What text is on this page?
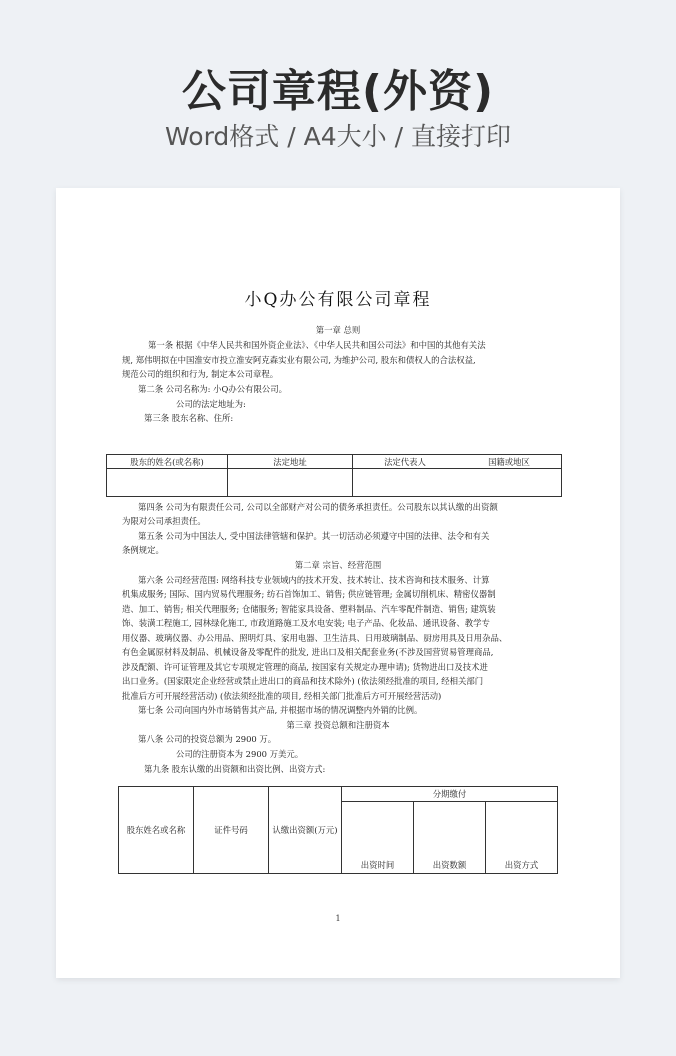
公司章程(外资)
Word格式 / A4大小 / 直接打印
小Q办公有限公司章程
第一章 总则
第一条 根据《中华人民共和国外资企业法》、《中华人民共和国公司法》和中国的其他有关法
规, 郑伟明拟在中国淮安市投立淮安阿克森实业有限公司, 为维护公司, 股东和债权人的合法权益,
规范公司的组织和行为, 制定本公司章程。
第二条 公司名称为: 小Q办公有限公司。
公司的法定地址为:
第三条 股东名称、住所:
股东的姓名(或名称)	法定地址	法定代表人	国籍或地区

第四条 公司为有限责任公司, 公司以全部财产对公司的债务承担责任。公司股东以其认缴的出资额
为限对公司承担责任。
第五条 公司为中国法人, 受中国法律管辖和保护。其一切活动必须遵守中国的法律、法令和有关
条例规定。
第二章 宗旨、经营范围
第六条 公司经营范围: 网络科技专业领域内的技术开发、技术转让、技术咨询和技术服务、计算
机集成服务; 国际、国内贸易代理服务; 纺石首饰加工、销售; 供应链管理; 金属切削机床、精密仪器制
造、加工、销售; 相关代理服务; 仓储服务; 智能家具设备、塑料制品、汽车零配件制造、销售; 建筑装
饰、装潢工程施工, 园林绿化施工, 市政道路施工及水电安装; 电子产品、化妆品、通讯设备、教学专
用仪器、玻璃仪器、办公用品、照明灯具、家用电器、卫生洁具、日用玻璃制品、厨房用具及日用杂品、
有色金属原材料及制品、机械设备及零配件的批发, 进出口及相关配套业务(不涉及国营贸易管理商品,
涉及配额、许可证管理及其它专项规定管理的商品, 按国家有关规定办理申请); 货物进出口及技术进
出口业务。(国家限定企业经营或禁止进出口的商品和技术除外) (依法须经批准的项目, 经相关部门
批准后方可开展经营活动) (依法须经批准的项目, 经相关部门批准后方可开展经营活动)
第七条 公司向国内外市场销售其产品, 并根据市场的情况调整内外销的比例。
第三章 投资总额和注册资本
第八条 公司的投资总额为 2900 万。
公司的注册资本为 2900 万美元。
第九条 股东认缴的出资额和出资比例、出资方式:
股东姓名或名称	证件号码	认缴出资额(万元)	分期缴付		
			出资时间	出资数额	出资方式
1
